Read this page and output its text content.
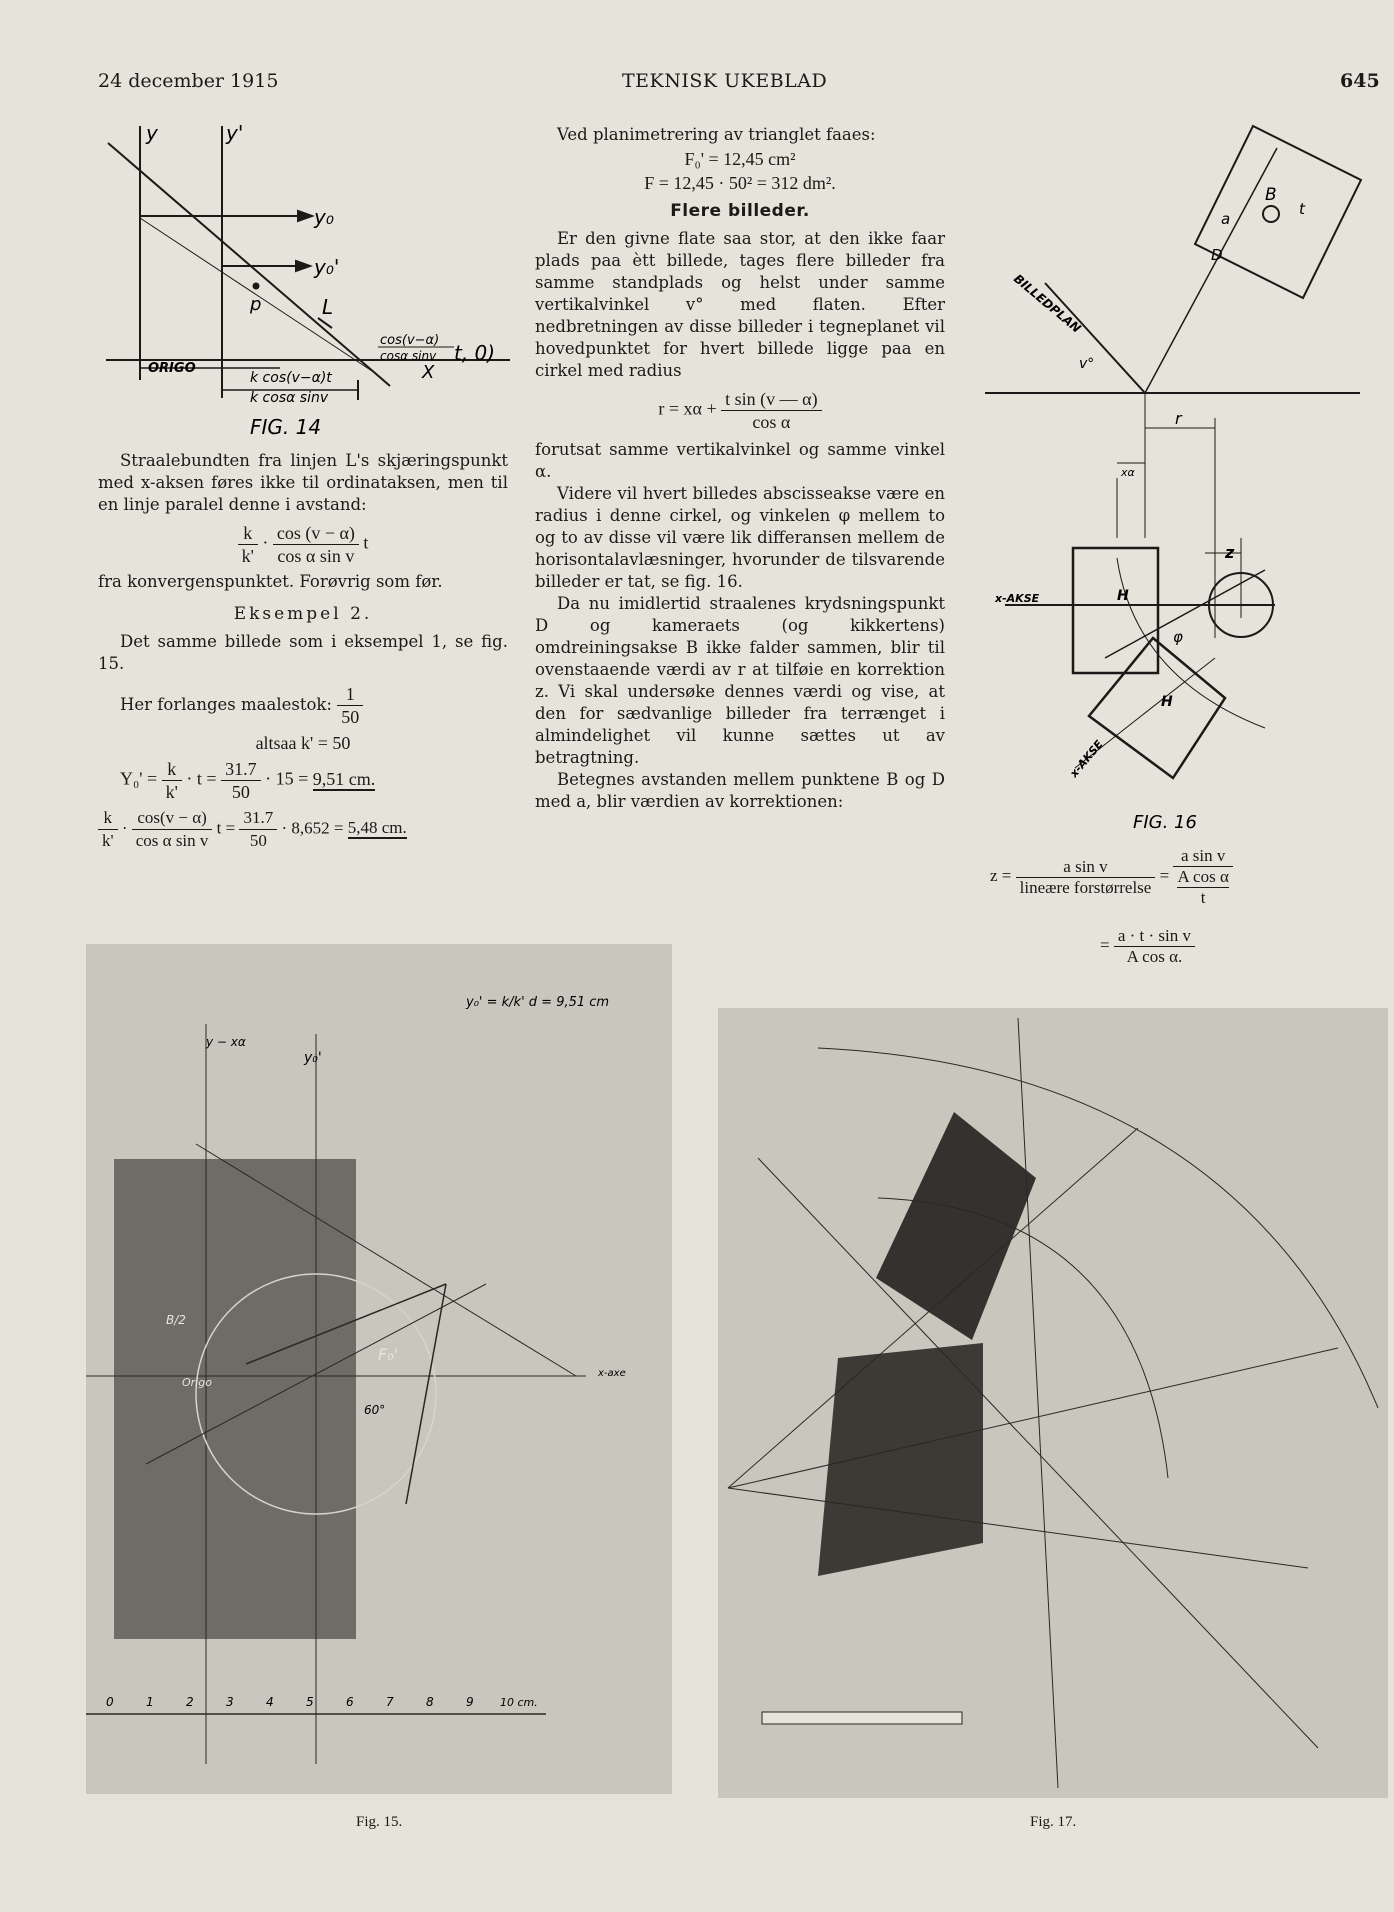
24 december 1915	TEKNISK UKEBLAD	645
y	y'
y₀
y₀'
p	L
ORIGO	X
k cos(v−α)t
k cosα sinv
cos(v−α)
cosα sinv t, 0)
FIG. 14

Straalebundten fra linjen L's skjæringspunkt med x-aksen føres ikke til ordinataksen, men til en linje paralel denne i avstand:

$\frac{k}{k'} \cdot \frac{\cos (v - \alpha)}{\text{cos α sin v}}$ t

fra konvergenspunktet. Forøvrig som før.

Eksempel 2.

Det samme billede som i eksempel 1, se fig. 15.

Her forlanges maalestok: $\frac{1}{50}$
altsaa k' = 50
$Y_0' = \frac{k}{k'} \cdot t = \frac{31.7}{50} \cdot 15 = 9,51$ cm.
$\frac{k}{k'} \cdot \frac{\cos(v - \alpha)}{\text{cos α sin v}}$ $t = \frac{31.7}{50} \cdot 8,652 = 5,48$ cm.

Ved planimetrering av trianglet faaes:

F₀' = 12,45 cm²
F = 12,45 · 50² = 312 dm².
Flere billeder.

Er den givne flate saa stor, at den ikke faar plads paa ètt billede, tages flere billeder fra samme standplads og helst under samme vertikalvinkel v° med flaten. Efter nedbretningen av disse billeder i tegneplanet vil hovedpunktet for hvert billede ligge paa en cirkel med radius

$r = x\alpha + \frac{\text{t sin (v — α)}}{\text{cos α}}$

forutsat samme vertikalvinkel og samme vinkel α.

Videre vil hvert billedes abscisseakse være en radius i denne cirkel, og vinkelen φ mellem to og to av disse vil være lik differansen mellem de horisontalavlæsninger, hvorunder de tilsvarende billeder er tat, se fig. 16.

Da nu imidlertid straalenes krydsningspunkt D og kameraets (og kikkertens) omdreiningsakse B ikke falder sammen, blir til ovenstaaende værdi av r at tilføie en korrektion z. Vi skal undersøke dennes værdi og vise, at den for sædvanlige billeder fra terrænget i almindelighet vil kunne sættes ut av betragtning.

Betegnes avstanden mellem punktene B og D med a, blir værdien av korrektionen:

BILLEDPLAN
B
D
a
t
v°
r
xα
z
x-AKSE	H
H
φ
x-AKSE
FIG. 16
$z = \frac{\text{a sin v}}{\text{lineære forstørrelse}} = a$ sin v
A cos α
t
= $\frac{\text{a · t · sin v}}{\text{A cos α.}}$
y₀' = k/k' d = 9,51 cm
y − xα
y₀'
Origo
B/2
F₀'
60°
x-axe
0	1	2	3	4	5	6	7	8	9 10 cm.
Fig. 15.	Fig. 17.
